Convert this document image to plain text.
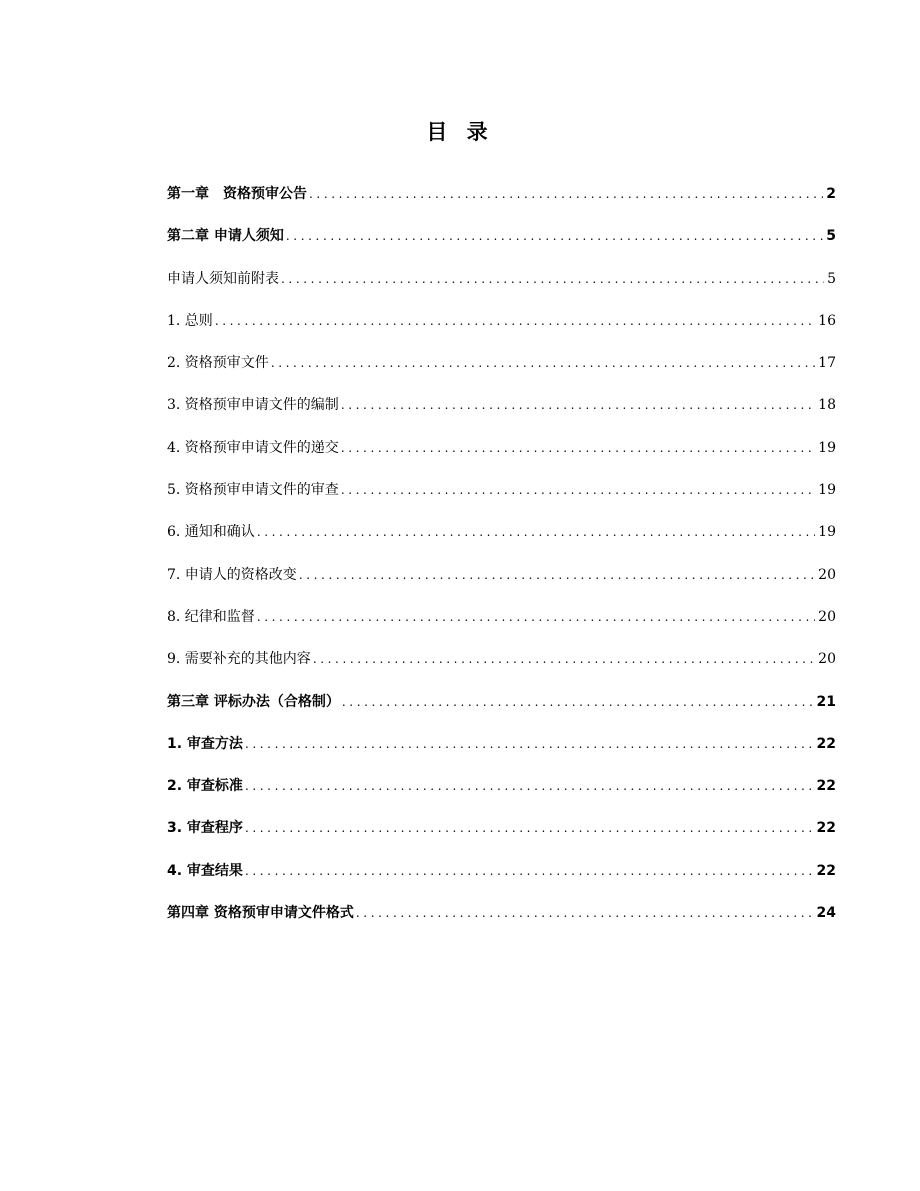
目 录
第一章　资格预审公告 .....	2
第二章 申请人须知 .....	5
申请人须知前附表 .....	5
1. 总则 .....	16
2. 资格预审文件 .....	17
3. 资格预审申请文件的编制 .....	18
4. 资格预审申请文件的递交 .....	19
5. 资格预审申请文件的审查 .....	19
6. 通知和确认 .....	19
7. 申请人的资格改变 .....	20
8. 纪律和监督 .....	20
9. 需要补充的其他内容 .....	20
第三章 评标办法（合格制） .....	21
1. 审查方法 .....	22
2. 审查标准 .....	22
3. 审查程序 .....	22
4. 审查结果 .....	22
第四章 资格预审申请文件格式 .....	24
